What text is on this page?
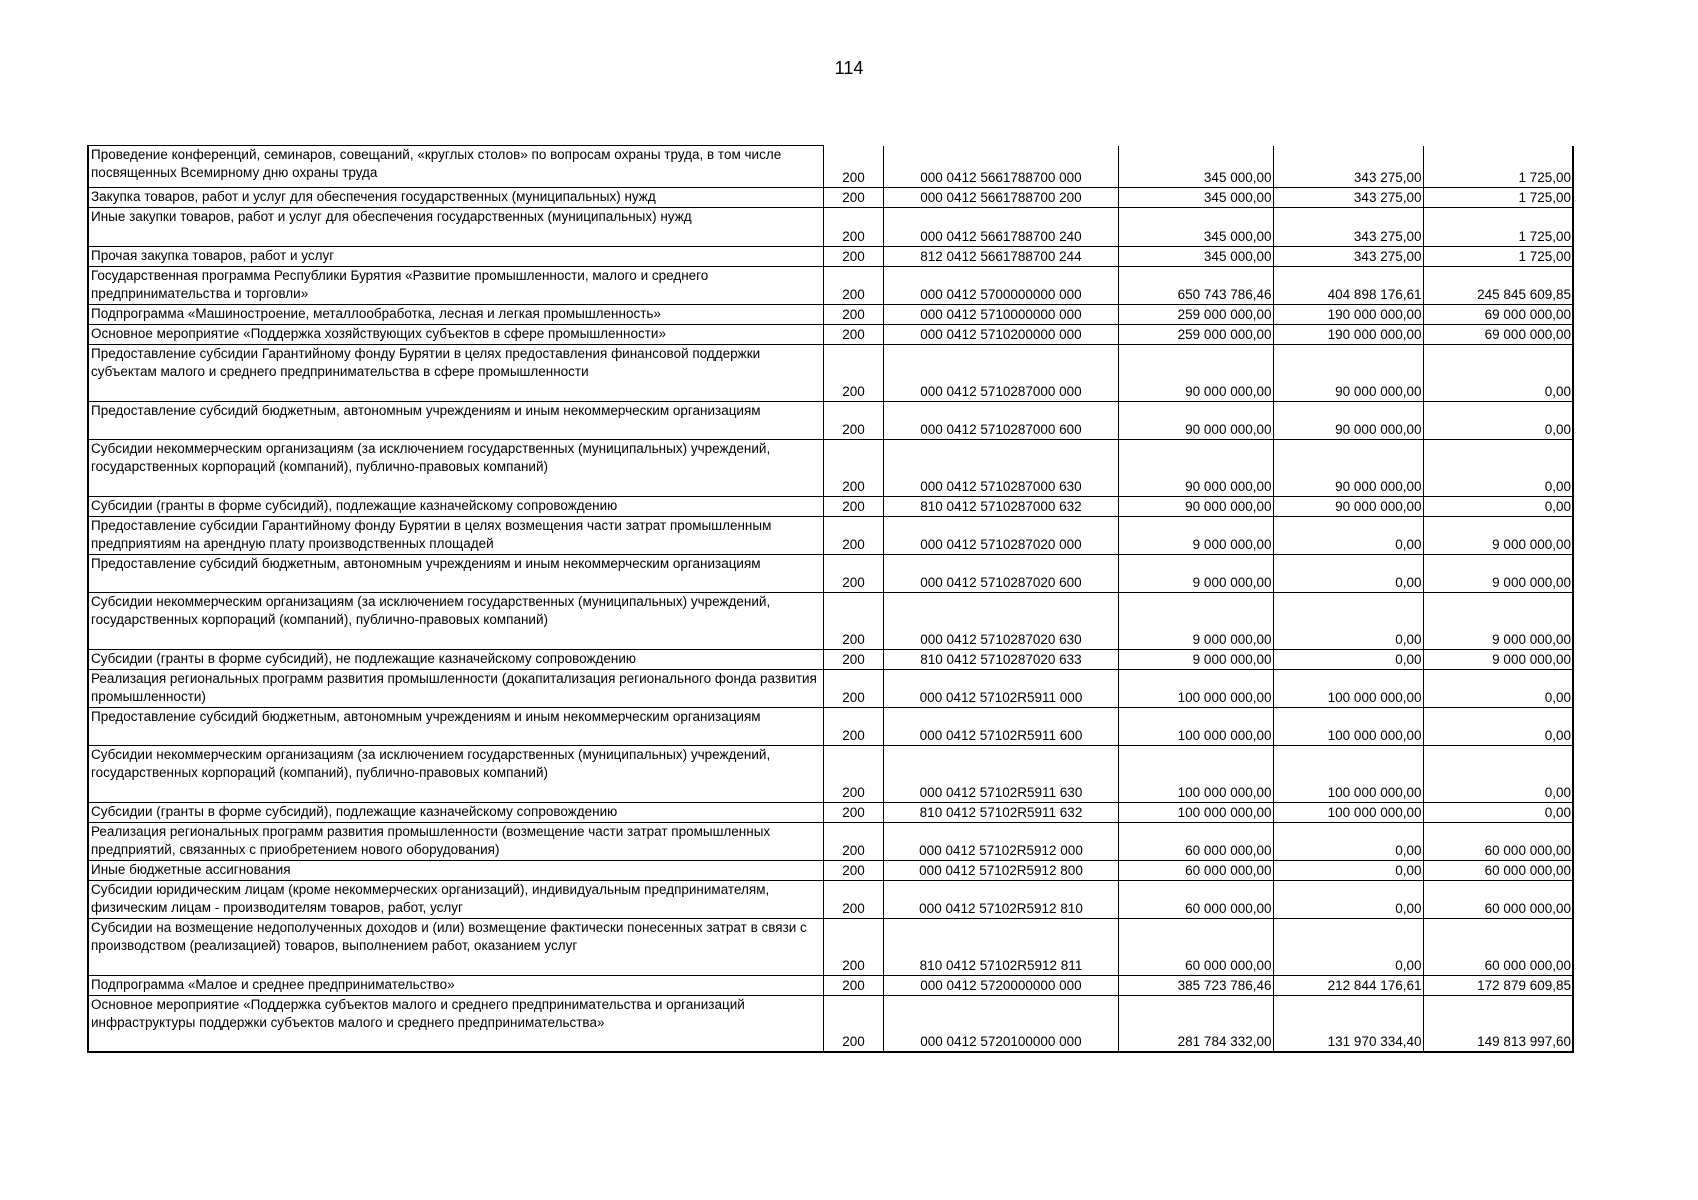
114
Проведение конференций, семинаров, совещаний, «круглых столов» по вопросам охраны труда, в том числе посвященных Всемирному дню охраны труда	200	000 0412 5661788700 000	345 000,00	343 275,00	1 725,00
Закупка товаров, работ и услуг для обеспечения государственных (муниципальных) нужд	200	000 0412 5661788700 200	345 000,00	343 275,00	1 725,00
Иные закупки товаров, работ и услуг для обеспечения государственных (муниципальных) нужд	200	000 0412 5661788700 240	345 000,00	343 275,00	1 725,00
Прочая закупка товаров, работ и услуг	200	812 0412 5661788700 244	345 000,00	343 275,00	1 725,00
Государственная программа Республики Бурятия «Развитие промышленности, малого и среднего предпринимательства и торговли»	200	000 0412 5700000000 000	650 743 786,46	404 898 176,61	245 845 609,85
Подпрограмма «Машиностроение, металлообработка, лесная и легкая промышленность»	200	000 0412 5710000000 000	259 000 000,00	190 000 000,00	69 000 000,00
Основное мероприятие «Поддержка хозяйствующих субъектов в сфере промышленности»	200	000 0412 5710200000 000	259 000 000,00	190 000 000,00	69 000 000,00
Предоставление субсидии Гарантийному фонду Бурятии в целях предоставления финансовой поддержки субъектам малого и среднего предпринимательства в сфере промышленности	200	000 0412 5710287000 000	90 000 000,00	90 000 000,00	0,00
Предоставление субсидий бюджетным, автономным учреждениям и иным некоммерческим организациям	200	000 0412 5710287000 600	90 000 000,00	90 000 000,00	0,00
Субсидии некоммерческим организациям (за исключением государственных (муниципальных) учреждений, государственных корпораций (компаний), публично-правовых компаний)	200	000 0412 5710287000 630	90 000 000,00	90 000 000,00	0,00
Субсидии (гранты в форме субсидий), подлежащие казначейскому сопровождению	200	810 0412 5710287000 632	90 000 000,00	90 000 000,00	0,00
Предоставление субсидии Гарантийному фонду Бурятии в целях возмещения части затрат промышленным предприятиям на арендную плату производственных площадей	200	000 0412 5710287020 000	9 000 000,00	0,00	9 000 000,00
Предоставление субсидий бюджетным, автономным учреждениям и иным некоммерческим организациям	200	000 0412 5710287020 600	9 000 000,00	0,00	9 000 000,00
Субсидии некоммерческим организациям (за исключением государственных (муниципальных) учреждений, государственных корпораций (компаний), публично-правовых компаний)	200	000 0412 5710287020 630	9 000 000,00	0,00	9 000 000,00
Субсидии (гранты в форме субсидий), не подлежащие казначейскому сопровождению	200	810 0412 5710287020 633	9 000 000,00	0,00	9 000 000,00
Реализация региональных программ развития промышленности (докапитализация регионального фонда развития промышленности)	200	000 0412 57102R5911 000	100 000 000,00	100 000 000,00	0,00
Предоставление субсидий бюджетным, автономным учреждениям и иным некоммерческим организациям	200	000 0412 57102R5911 600	100 000 000,00	100 000 000,00	0,00
Субсидии некоммерческим организациям (за исключением государственных (муниципальных) учреждений, государственных корпораций (компаний), публично-правовых компаний)	200	000 0412 57102R5911 630	100 000 000,00	100 000 000,00	0,00
Субсидии (гранты в форме субсидий), подлежащие казначейскому сопровождению	200	810 0412 57102R5911 632	100 000 000,00	100 000 000,00	0,00
Реализация региональных программ развития промышленности (возмещение части затрат промышленных предприятий, связанных с приобретением нового оборудования)	200	000 0412 57102R5912 000	60 000 000,00	0,00	60 000 000,00
Иные бюджетные ассигнования	200	000 0412 57102R5912 800	60 000 000,00	0,00	60 000 000,00
Субсидии юридическим лицам (кроме некоммерческих организаций), индивидуальным предпринимателям, физическим лицам - производителям товаров, работ, услуг	200	000 0412 57102R5912 810	60 000 000,00	0,00	60 000 000,00
Субсидии на возмещение недополученных доходов и (или) возмещение фактически понесенных затрат в связи с производством (реализацией) товаров, выполнением работ, оказанием услуг	200	810 0412 57102R5912 811	60 000 000,00	0,00	60 000 000,00
Подпрограмма «Малое и среднее предпринимательство»	200	000 0412 5720000000 000	385 723 786,46	212 844 176,61	172 879 609,85
Основное мероприятие «Поддержка субъектов малого и среднего предпринимательства и организаций инфраструктуры поддержки субъектов малого и среднего предпринимательства»	200	000 0412 5720100000 000	281 784 332,00	131 970 334,40	149 813 997,60
